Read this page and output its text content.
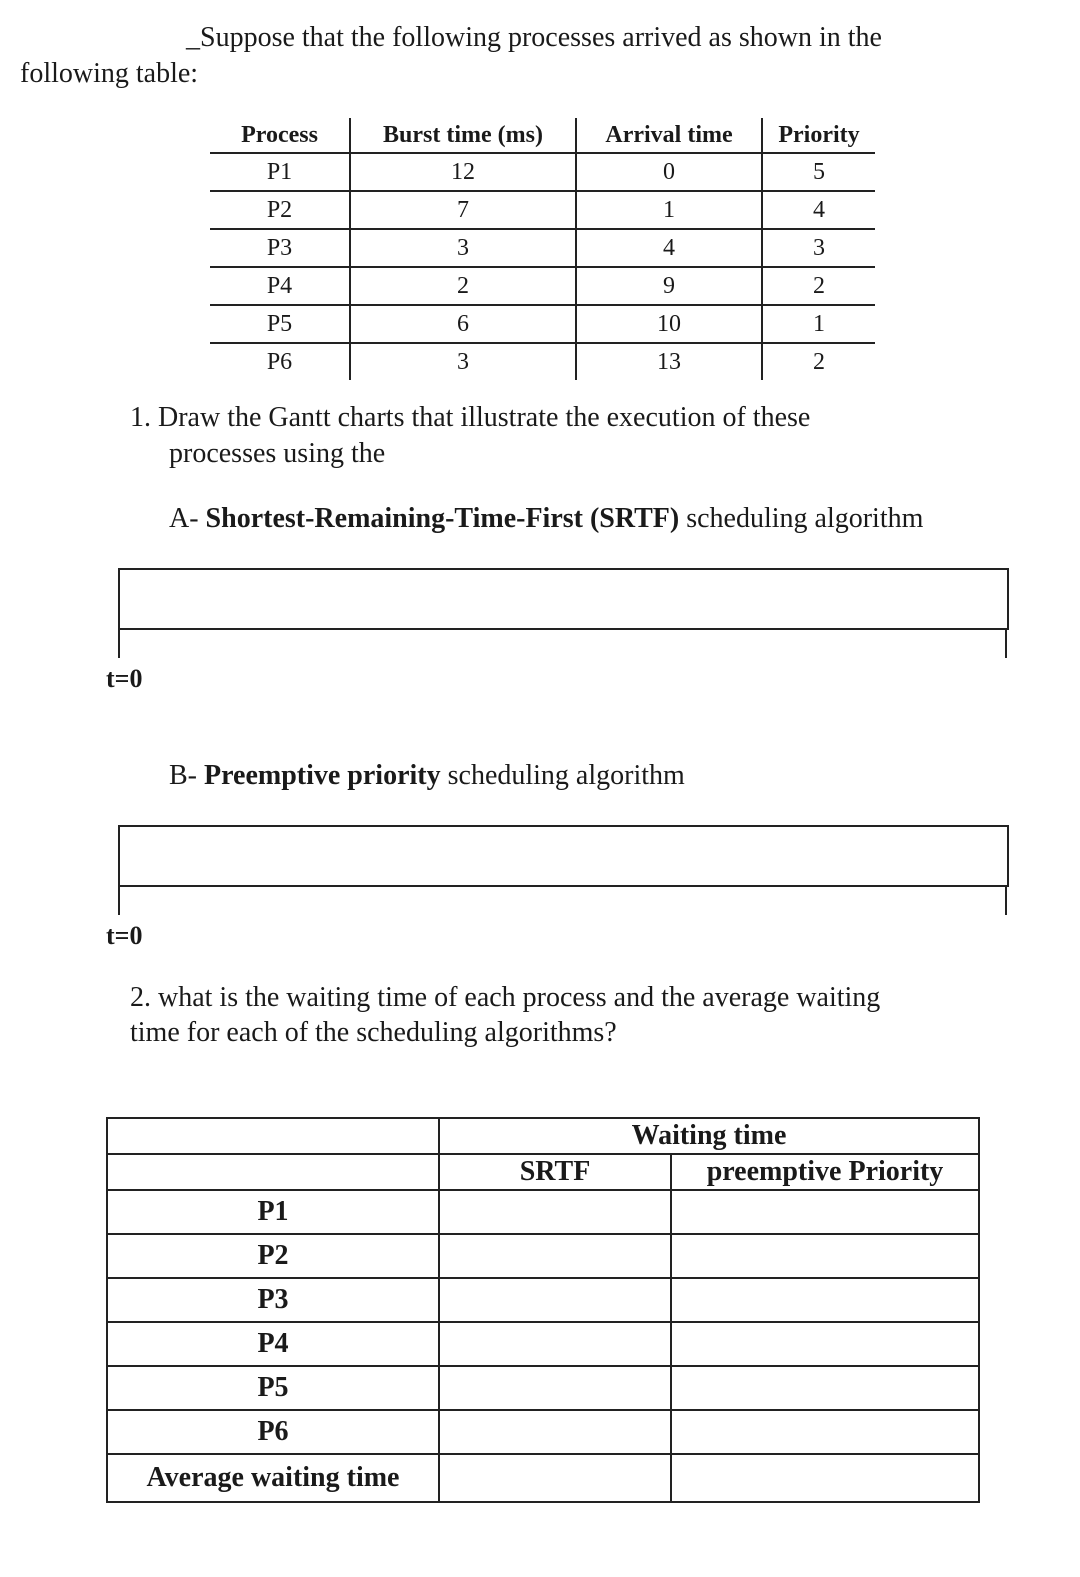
_Suppose that the following processes arrived as shown in the
following table:
Process	Burst time (ms)	Arrival time	Priority
P1	12	0	5
P2	7	1	4
P3	3	4	3
P4	2	9	2
P5	6	10	1
P6	3	13	2
1. Draw the Gantt charts that illustrate the execution of these
processes using the
A- Shortest-Remaining-Time-First (SRTF) scheduling algorithm
t=0
B- Preemptive priority scheduling algorithm
t=0
2. what is the waiting time of each process and the average waiting
time for each of the scheduling algorithms?
	Waiting time	
	SRTF	preemptive Priority
P1		
P2		
P3		
P4		
P5		
P6		
Average waiting time		
